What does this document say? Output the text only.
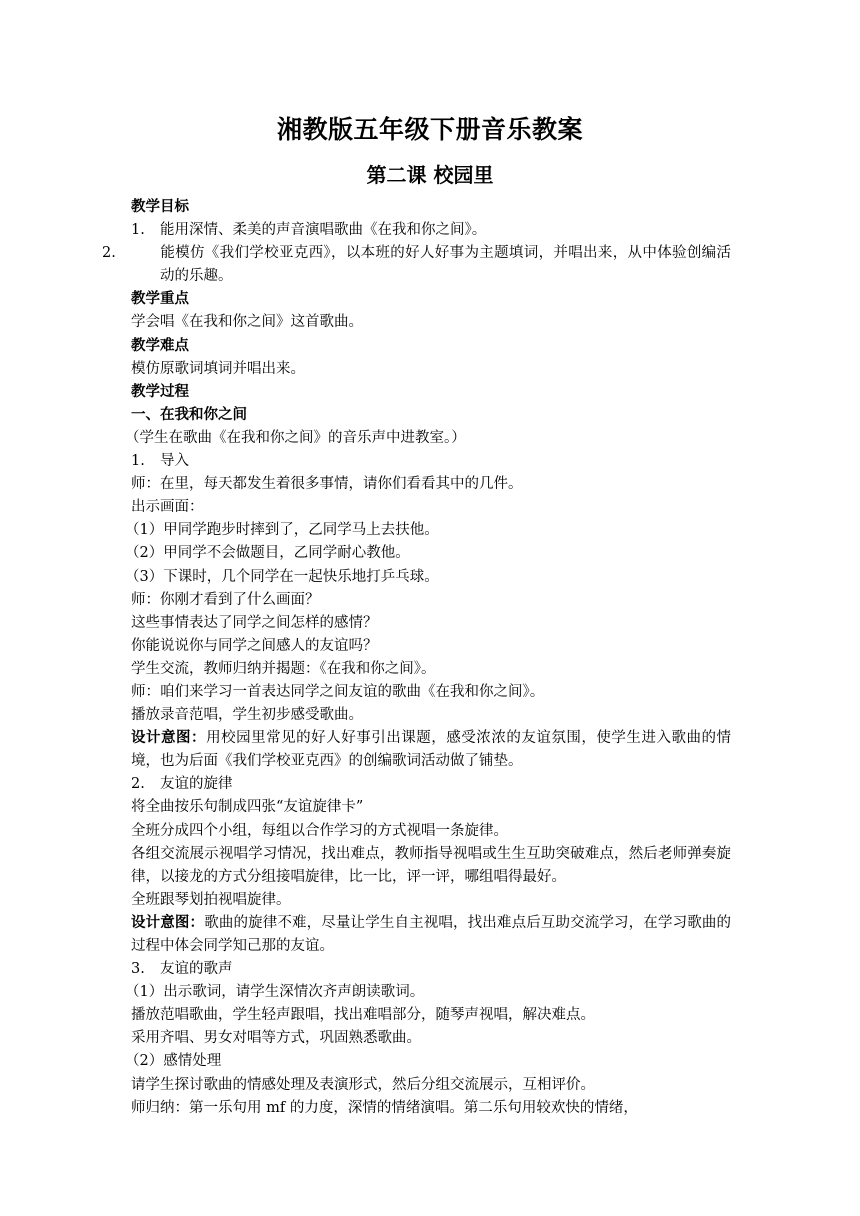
湘教版五年级下册音乐教案
第二课 校园里
教学目标
1. 能用深情、柔美的声音演唱歌曲《在我和你之间》。
2.	能模仿《我们学校亚克西》，以本班的好人好事为主题填词，并唱出来，从中体验创编活动的乐趣。
教学重点
学会唱《在我和你之间》这首歌曲。
教学难点
模仿原歌词填词并唱出来。
教学过程
一、在我和你之间
（学生在歌曲《在我和你之间》的音乐声中进教室。）
1. 导入
师：在里，每天都发生着很多事情，请你们看看其中的几件。
出示画面：
（1）甲同学跑步时摔到了，乙同学马上去扶他。
（2）甲同学不会做题目，乙同学耐心教他。
（3）下课时，几个同学在一起快乐地打乒乓球。
师：你刚才看到了什么画面？
这些事情表达了同学之间怎样的感情？
你能说说你与同学之间感人的友谊吗？
学生交流，教师归纳并揭题：《在我和你之间》。
师：咱们来学习一首表达同学之间友谊的歌曲《在我和你之间》。
播放录音范唱，学生初步感受歌曲。
设计意图：用校园里常见的好人好事引出课题，感受浓浓的友谊氛围，使学生进入歌曲的情境，也为后面《我们学校亚克西》的创编歌词活动做了铺垫。
2. 友谊的旋律
将全曲按乐句制成四张“友谊旋律卡”
全班分成四个小组，每组以合作学习的方式视唱一条旋律。
各组交流展示视唱学习情况，找出难点，教师指导视唱或生生互助突破难点，然后老师弹奏旋律，以接龙的方式分组接唱旋律，比一比，评一评，哪组唱得最好。
全班跟琴划拍视唱旋律。
设计意图：歌曲的旋律不难，尽量让学生自主视唱，找出难点后互助交流学习，在学习歌曲的过程中体会同学知己那的友谊。
3. 友谊的歌声
（1）出示歌词，请学生深情次齐声朗读歌词。
播放范唱歌曲，学生轻声跟唱，找出难唱部分，随琴声视唱，解决难点。
采用齐唱、男女对唱等方式，巩固熟悉歌曲。
（2）感情处理
请学生探讨歌曲的情感处理及表演形式，然后分组交流展示，互相评价。
师归纳：第一乐句用 mf 的力度，深情的情绪演唱。第二乐句用较欢快的情绪，
